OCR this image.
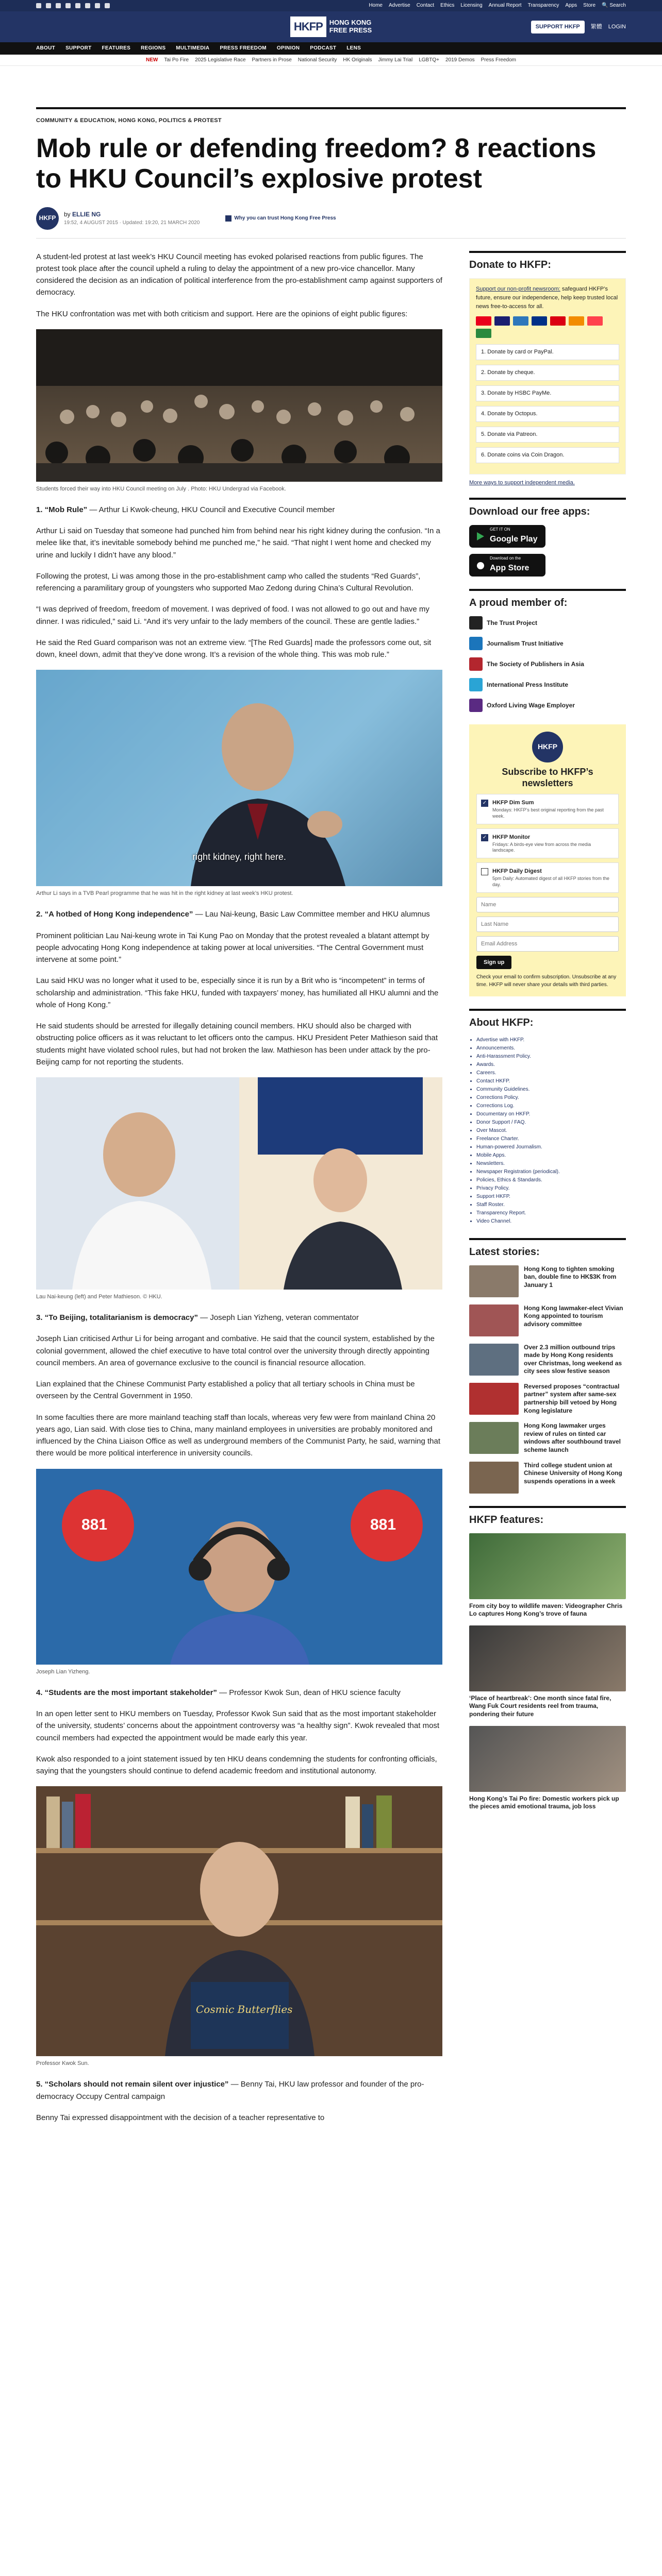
Home Advertise Contact Ethics Licensing Annual Report Transparency Apps Store 🔍 Search
HKFP	HONG KONG
FREE PRESS	SUPPORT HKFP	繁體 LOGIN
ABOUT SUPPORT FEATURES REGIONS MULTIMEDIA PRESS FREEDOM OPINION PODCAST LENS
NEW Tai Po Fire 2025 Legislative Race Partners in Prose National Security HK Originals Jimmy Lai Trial LGBTQ+ 2019 Demos Press Freedom
COMMUNITY & EDUCATION, HONG KONG, POLITICS & PROTEST
Mob rule or defending freedom? 8 reactions to HKU Council’s explosive protest
HKFP
by ELLIE NG
19:52, 4 AUGUST 2015 · Updated: 19:20, 21 MARCH 2020
Why you can trust Hong Kong Free Press

A student-led protest at last week’s HKU Council meeting has evoked polarised reactions from public figures. The protest took place after the council upheld a ruling to delay the appointment of a new pro-vice chancellor. Many considered the decision as an indication of political interference from the pro-establishment camp against supporters of democracy.

The HKU confrontation was met with both criticism and support. Here are the opinions of eight public figures:

Students forced their way into HKU Council meeting on July . Photo: HKU Undergrad via Facebook.

1. “Mob Rule” — Arthur Li Kwok-cheung, HKU Council and Executive Council member

Arthur Li said on Tuesday that someone had punched him from behind near his right kidney during the confusion. “In a melee like that, it’s inevitable somebody behind me punched me,” he said. “That night I went home and checked my urine and luckily I didn’t have any blood.”

Following the protest, Li was among those in the pro-establishment camp who called the students “Red Guards”, referencing a paramilitary group of youngsters who supported Mao Zedong during China’s Cultural Revolution.

“I was deprived of freedom, freedom of movement. I was deprived of food. I was not allowed to go out and have my dinner. I was ridiculed,” said Li. “And it’s very unfair to the lady members of the council. These are gentle ladies.”

He said the Red Guard comparison was not an extreme view. “[The Red Guards] made the professors come out, sit down, kneel down, admit that they’ve done wrong. It’s a revision of the whole thing. This was mob rule.”

right kidney, right here.
Arthur Li says in a TVB Pearl programme that he was hit in the right kidney at last week’s HKU protest.

2. “A hotbed of Hong Kong independence” — Lau Nai-keung, Basic Law Committee member and HKU alumnus

Prominent politician Lau Nai-keung wrote in Tai Kung Pao on Monday that the protest revealed a blatant attempt by people advocating Hong Kong independence at taking power at local universities. “The Central Government must intervene at some point.”

Lau said HKU was no longer what it used to be, especially since it is run by a Brit who is “incompetent” in terms of scholarship and administration. “This fake HKU, funded with taxpayers’ money, has humiliated all HKU alumni and the whole of Hong Kong.”

He said students should be arrested for illegally detaining council members. HKU should also be charged with obstructing police officers as it was reluctant to let officers onto the campus. HKU President Peter Mathieson said that students might have violated school rules, but had not broken the law. Mathieson has been under attack by the pro-Beijing camp for not reporting the students.

Lau Nai-keung (left) and Peter Mathieson. © HKU.

3. “To Beijing, totalitarianism is democracy” — Joseph Lian Yizheng, veteran commentator

Joseph Lian criticised Arthur Li for being arrogant and combative. He said that the council system, established by the colonial government, allowed the chief executive to have total control over the university through directly appointing council members. An area of governance exclusive to the council is financial resource allocation.

Lian explained that the Chinese Communist Party established a policy that all tertiary schools in China must be overseen by the Central Government in 1950.

In some faculties there are more mainland teaching staff than locals, whereas very few were from mainland China 20 years ago, Lian said. With close ties to China, many mainland employees in universities are probably monitored and influenced by the China Liaison Office as well as underground members of the Communist Party, he said, warning that there would be more political interference in university councils.

881	881
Joseph Lian Yizheng.

4. “Students are the most important stakeholder” — Professor Kwok Sun, dean of HKU science faculty

In an open letter sent to HKU members on Tuesday, Professor Kwok Sun said that as the most important stakeholder of the university, students’ concerns about the appointment controversy was “a healthy sign”. Kwok revealed that most council members had expected the appointment would be made early this year.

Kwok also responded to a joint statement issued by ten HKU deans condemning the students for confronting officials, saying that the youngsters should continue to defend academic freedom and institutional autonomy.

Cosmic Butterflies
Professor Kwok Sun.

5. “Scholars should not remain silent over injustice” — Benny Tai, HKU law professor and founder of the pro-democracy Occupy Central campaign

Benny Tai expressed disappointment with the decision of a teacher representative to

Donate to HKFP:
Support our non-profit newsroom: safeguard HKFP’s future, ensure our independence, help keep trusted local news free-to-access for all.
1. Donate by card or PayPal.
2. Donate by cheque.
3. Donate by HSBC PayMe.
4. Donate by Octopus.
5. Donate via Patreon.
6. Donate coins via Coin Dragon.
More ways to support independent media.
Download our free apps:
GET IT ON
Google Play
Download on the
App Store
A proud member of:
The Trust Project
Journalism Trust Initiative
The Society of Publishers in Asia
International Press Institute
Oxford Living Wage Employer
HKFP
Subscribe to HKFP’s newsletters
✓ HKFP Dim Sum
Mondays: HKFP’s best original reporting from the past week.
✓ HKFP Monitor
Fridays: A birds-eye view from across the media landscape.
HKFP Daily Digest
5pm Daily: Automated digest of all HKFP stories from the day.
Name Last Name Email Address
Sign up
Check your email to confirm subscription. Unsubscribe at any time. HKFP will never share your details with third parties.
About HKFP:
• Advertise with HKFP.
• Announcements.
• Anti-Harassment Policy.
• Awards.
• Careers.
• Contact HKFP.
• Community Guidelines.
• Corrections Policy.
• Corrections Log.
• Documentary on HKFP.
• Donor Support / FAQ.
• Over Mascot.
• Freelance Charter.
• Human-powered Journalism.
• Mobile Apps.
• Newsletters.
• Newspaper Registration (periodical).
• Policies, Ethics & Standards.
• Privacy Policy.
• Support HKFP.
• Staff Roster.
• Transparency Report.
• Video Channel.
Latest stories:
Hong Kong to tighten smoking ban, double fine to HK$3K from January 1
Hong Kong lawmaker-elect Vivian Kong appointed to tourism advisory committee
Over 2.3 million outbound trips made by Hong Kong residents over Christmas, long weekend as city sees slow festive season
Reversed proposes “contractual partner” system after same-sex partnership bill vetoed by Hong Kong legislature
Hong Kong lawmaker urges review of rules on tinted car windows after southbound travel scheme launch
Third college student union at Chinese University of Hong Kong suspends operations in a week
HKFP features:
From city boy to wildlife maven: Videographer Chris Lo captures Hong Kong’s trove of fauna
‘Place of heartbreak’: One month since fatal fire, Wang Fuk Court residents reel from trauma, pondering their future
Hong Kong’s Tai Po fire: Domestic workers pick up the pieces amid emotional trauma, job loss
